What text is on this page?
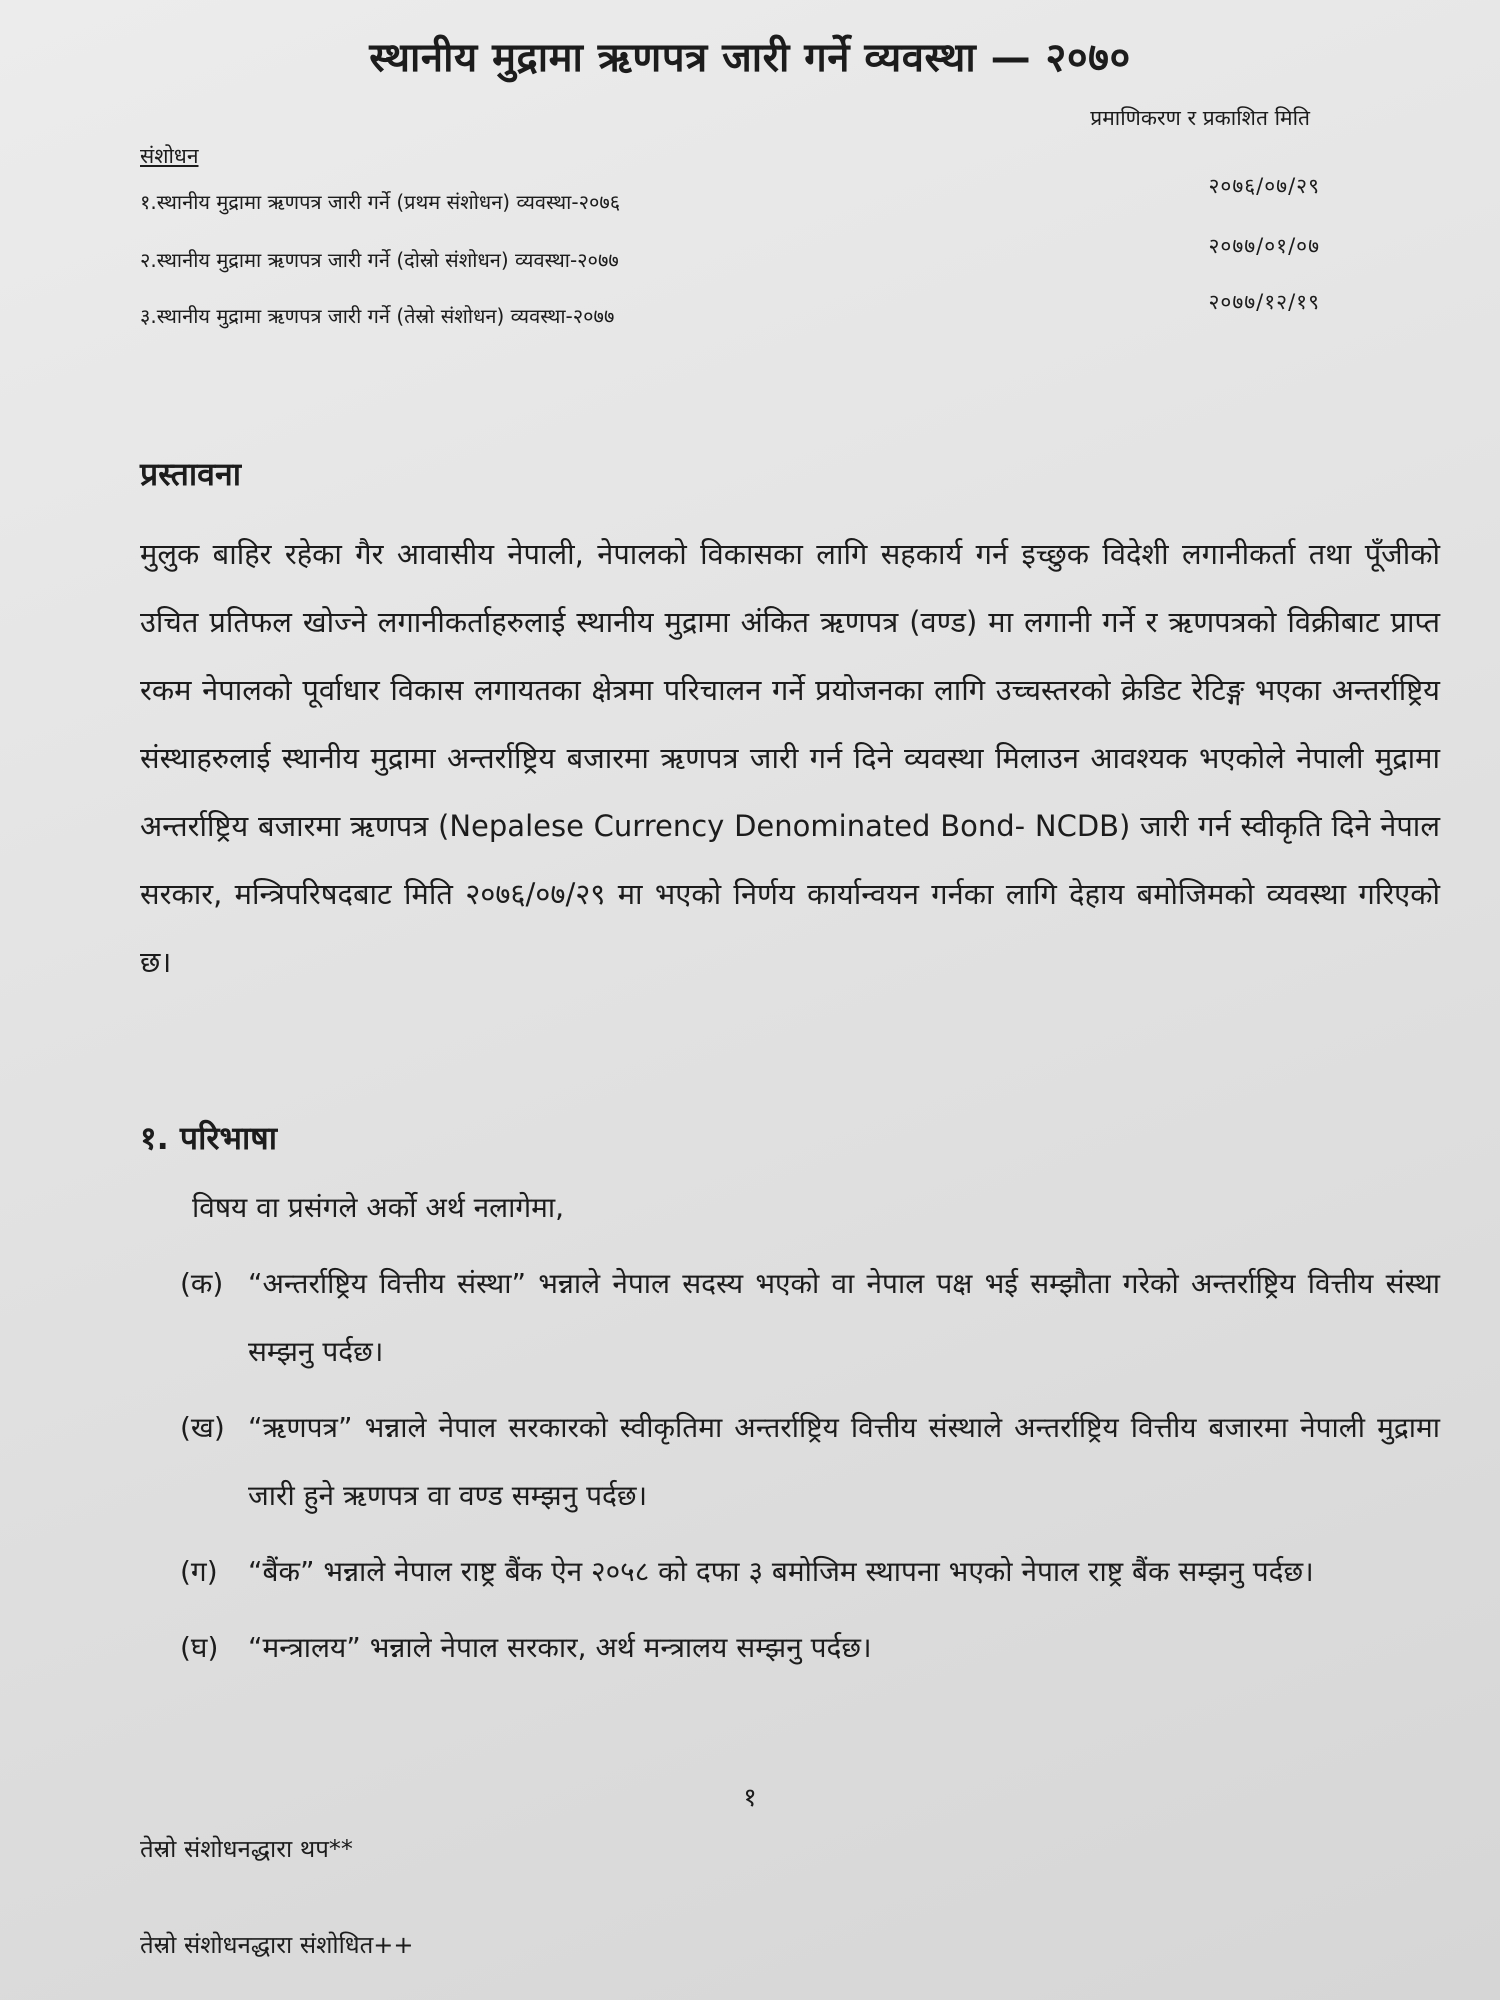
स्थानीय मुद्रामा ऋणपत्र जारी गर्ने व्यवस्था — २०७०
प्रमाणिकरण र प्रकाशित मिति
संशोधन
१.स्थानीय मुद्रामा ऋणपत्र जारी गर्ने (प्रथम संशोधन) व्यवस्था-२०७६
२०७६/०७/२९
२.स्थानीय मुद्रामा ऋणपत्र जारी गर्ने (दोस्रो संशोधन) व्यवस्था-२०७७
२०७७/०१/०७
३.स्थानीय मुद्रामा ऋणपत्र जारी गर्ने (तेस्रो संशोधन) व्यवस्था-२०७७
२०७७/१२/१९
प्रस्तावना
मुलुक बाहिर रहेका गैर आवासीय नेपाली, नेपालको विकासका लागि सहकार्य गर्न इच्छुक विदेशी लगानीकर्ता तथा पूँजीको उचित प्रतिफल खोज्ने लगानीकर्ताहरुलाई स्थानीय मुद्रामा अंकित ऋणपत्र (वण्ड) मा लगानी गर्ने र ऋणपत्रको विक्रीबाट प्राप्त रकम नेपालको पूर्वाधार विकास लगायतका क्षेत्रमा परिचालन गर्ने प्रयोजनका लागि उच्चस्तरको क्रेडिट रेटिङ्ग भएका अन्तर्राष्ट्रिय संस्थाहरुलाई स्थानीय मुद्रामा अन्तर्राष्ट्रिय बजारमा ऋणपत्र जारी गर्न दिने व्यवस्था मिलाउन आवश्यक भएकोले नेपाली मुद्रामा अन्तर्राष्ट्रिय बजारमा ऋणपत्र (Nepalese Currency Denominated Bond- NCDB) जारी गर्न स्वीकृति दिने नेपाल सरकार, मन्त्रिपरिषदबाट मिति २०७६/०७/२९ मा भएको निर्णय कार्यान्वयन गर्नका लागि देहाय बमोजिमको व्यवस्था गरिएको छ।
१. परिभाषा
विषय वा प्रसंगले अर्को अर्थ नलागेमा,
(क) “अन्तर्राष्ट्रिय वित्तीय संस्था” भन्नाले नेपाल सदस्य भएको वा नेपाल पक्ष भई सम्झौता गरेको अन्तर्राष्ट्रिय वित्तीय संस्था सम्झनु पर्दछ।
(ख) “ऋणपत्र” भन्नाले नेपाल सरकारको स्वीकृतिमा अन्तर्राष्ट्रिय वित्तीय संस्थाले अन्तर्राष्ट्रिय वित्तीय बजारमा नेपाली मुद्रामा जारी हुने ऋणपत्र वा वण्ड सम्झनु पर्दछ।
(ग)	“बैंक” भन्नाले नेपाल राष्ट्र बैंक ऐन २०५८ को दफा ३ बमोजिम स्थापना भएको नेपाल राष्ट्र बैंक सम्झनु पर्दछ।
(घ)	“मन्त्रालय” भन्नाले नेपाल सरकार, अर्थ मन्त्रालय सम्झनु पर्दछ।
१
तेस्रो संशोधनद्धारा थप**
तेस्रो संशोधनद्धारा संशोधित++
